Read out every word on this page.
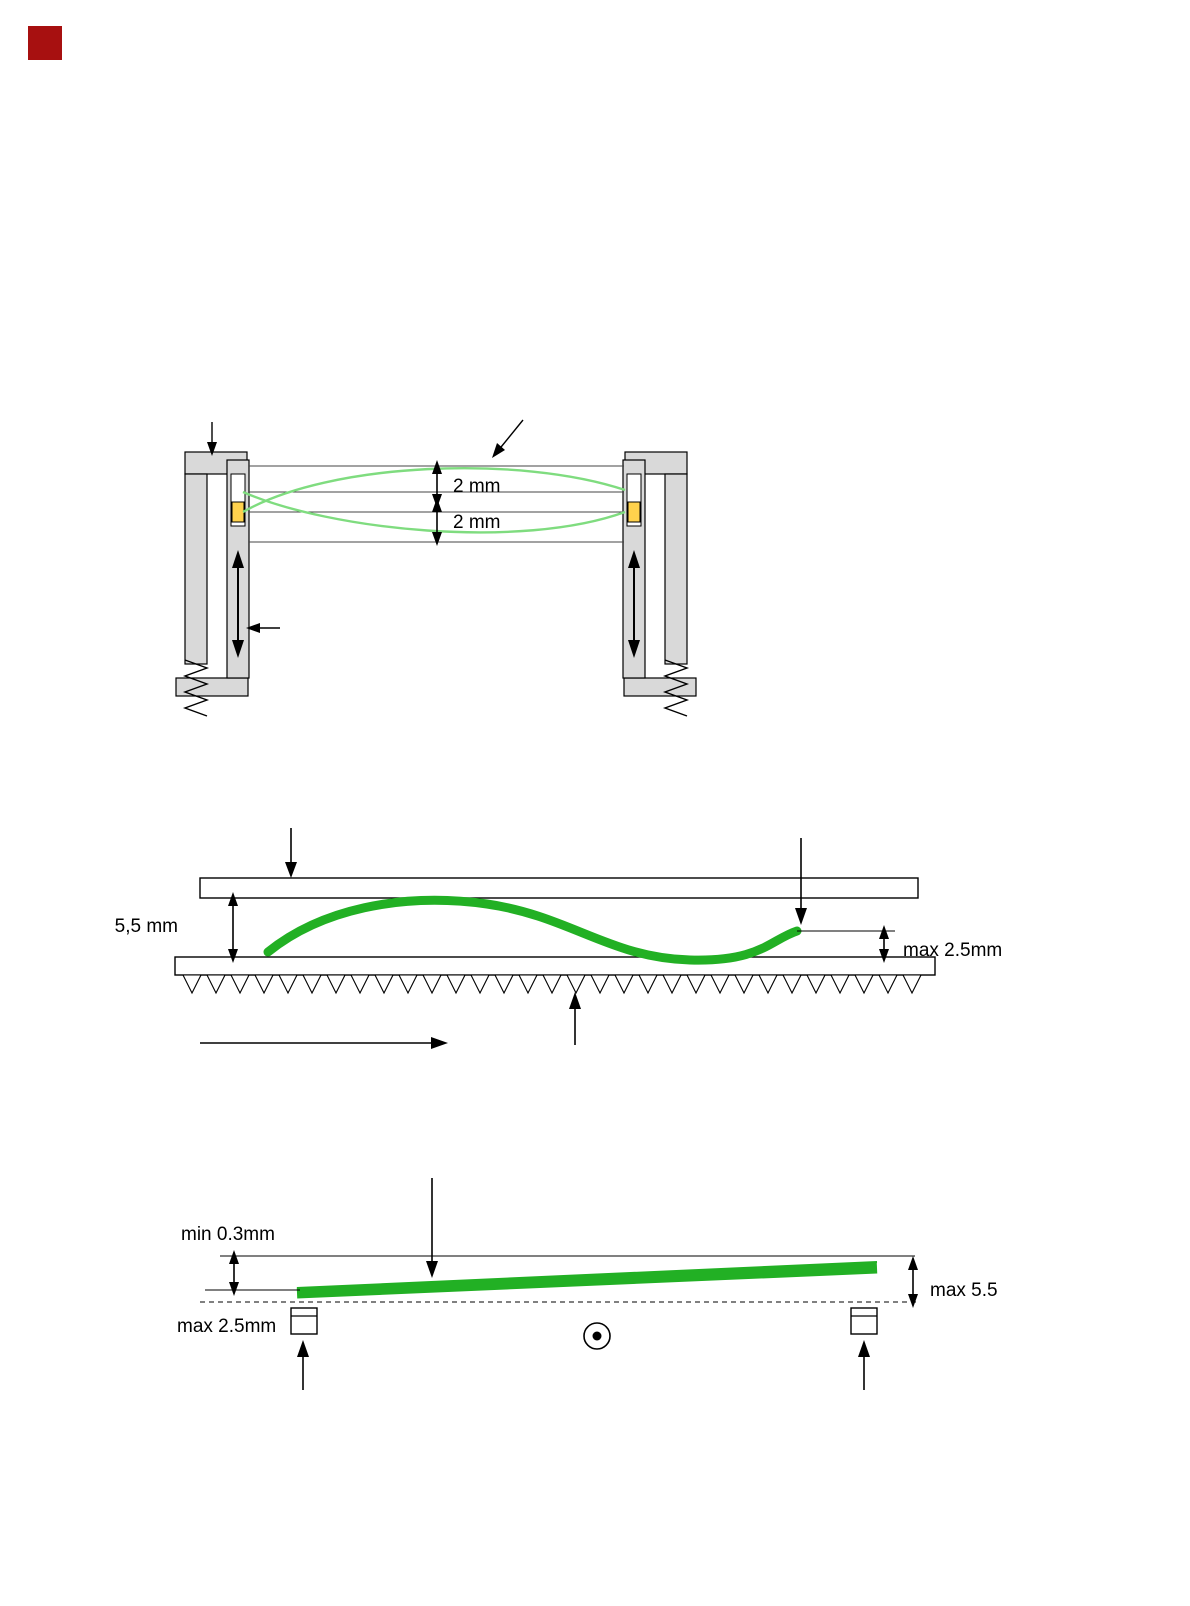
2 mm
2 mm
5,5 mm
max 2.5mm
min 0.3mm
max 2.5mm
max 5.5
